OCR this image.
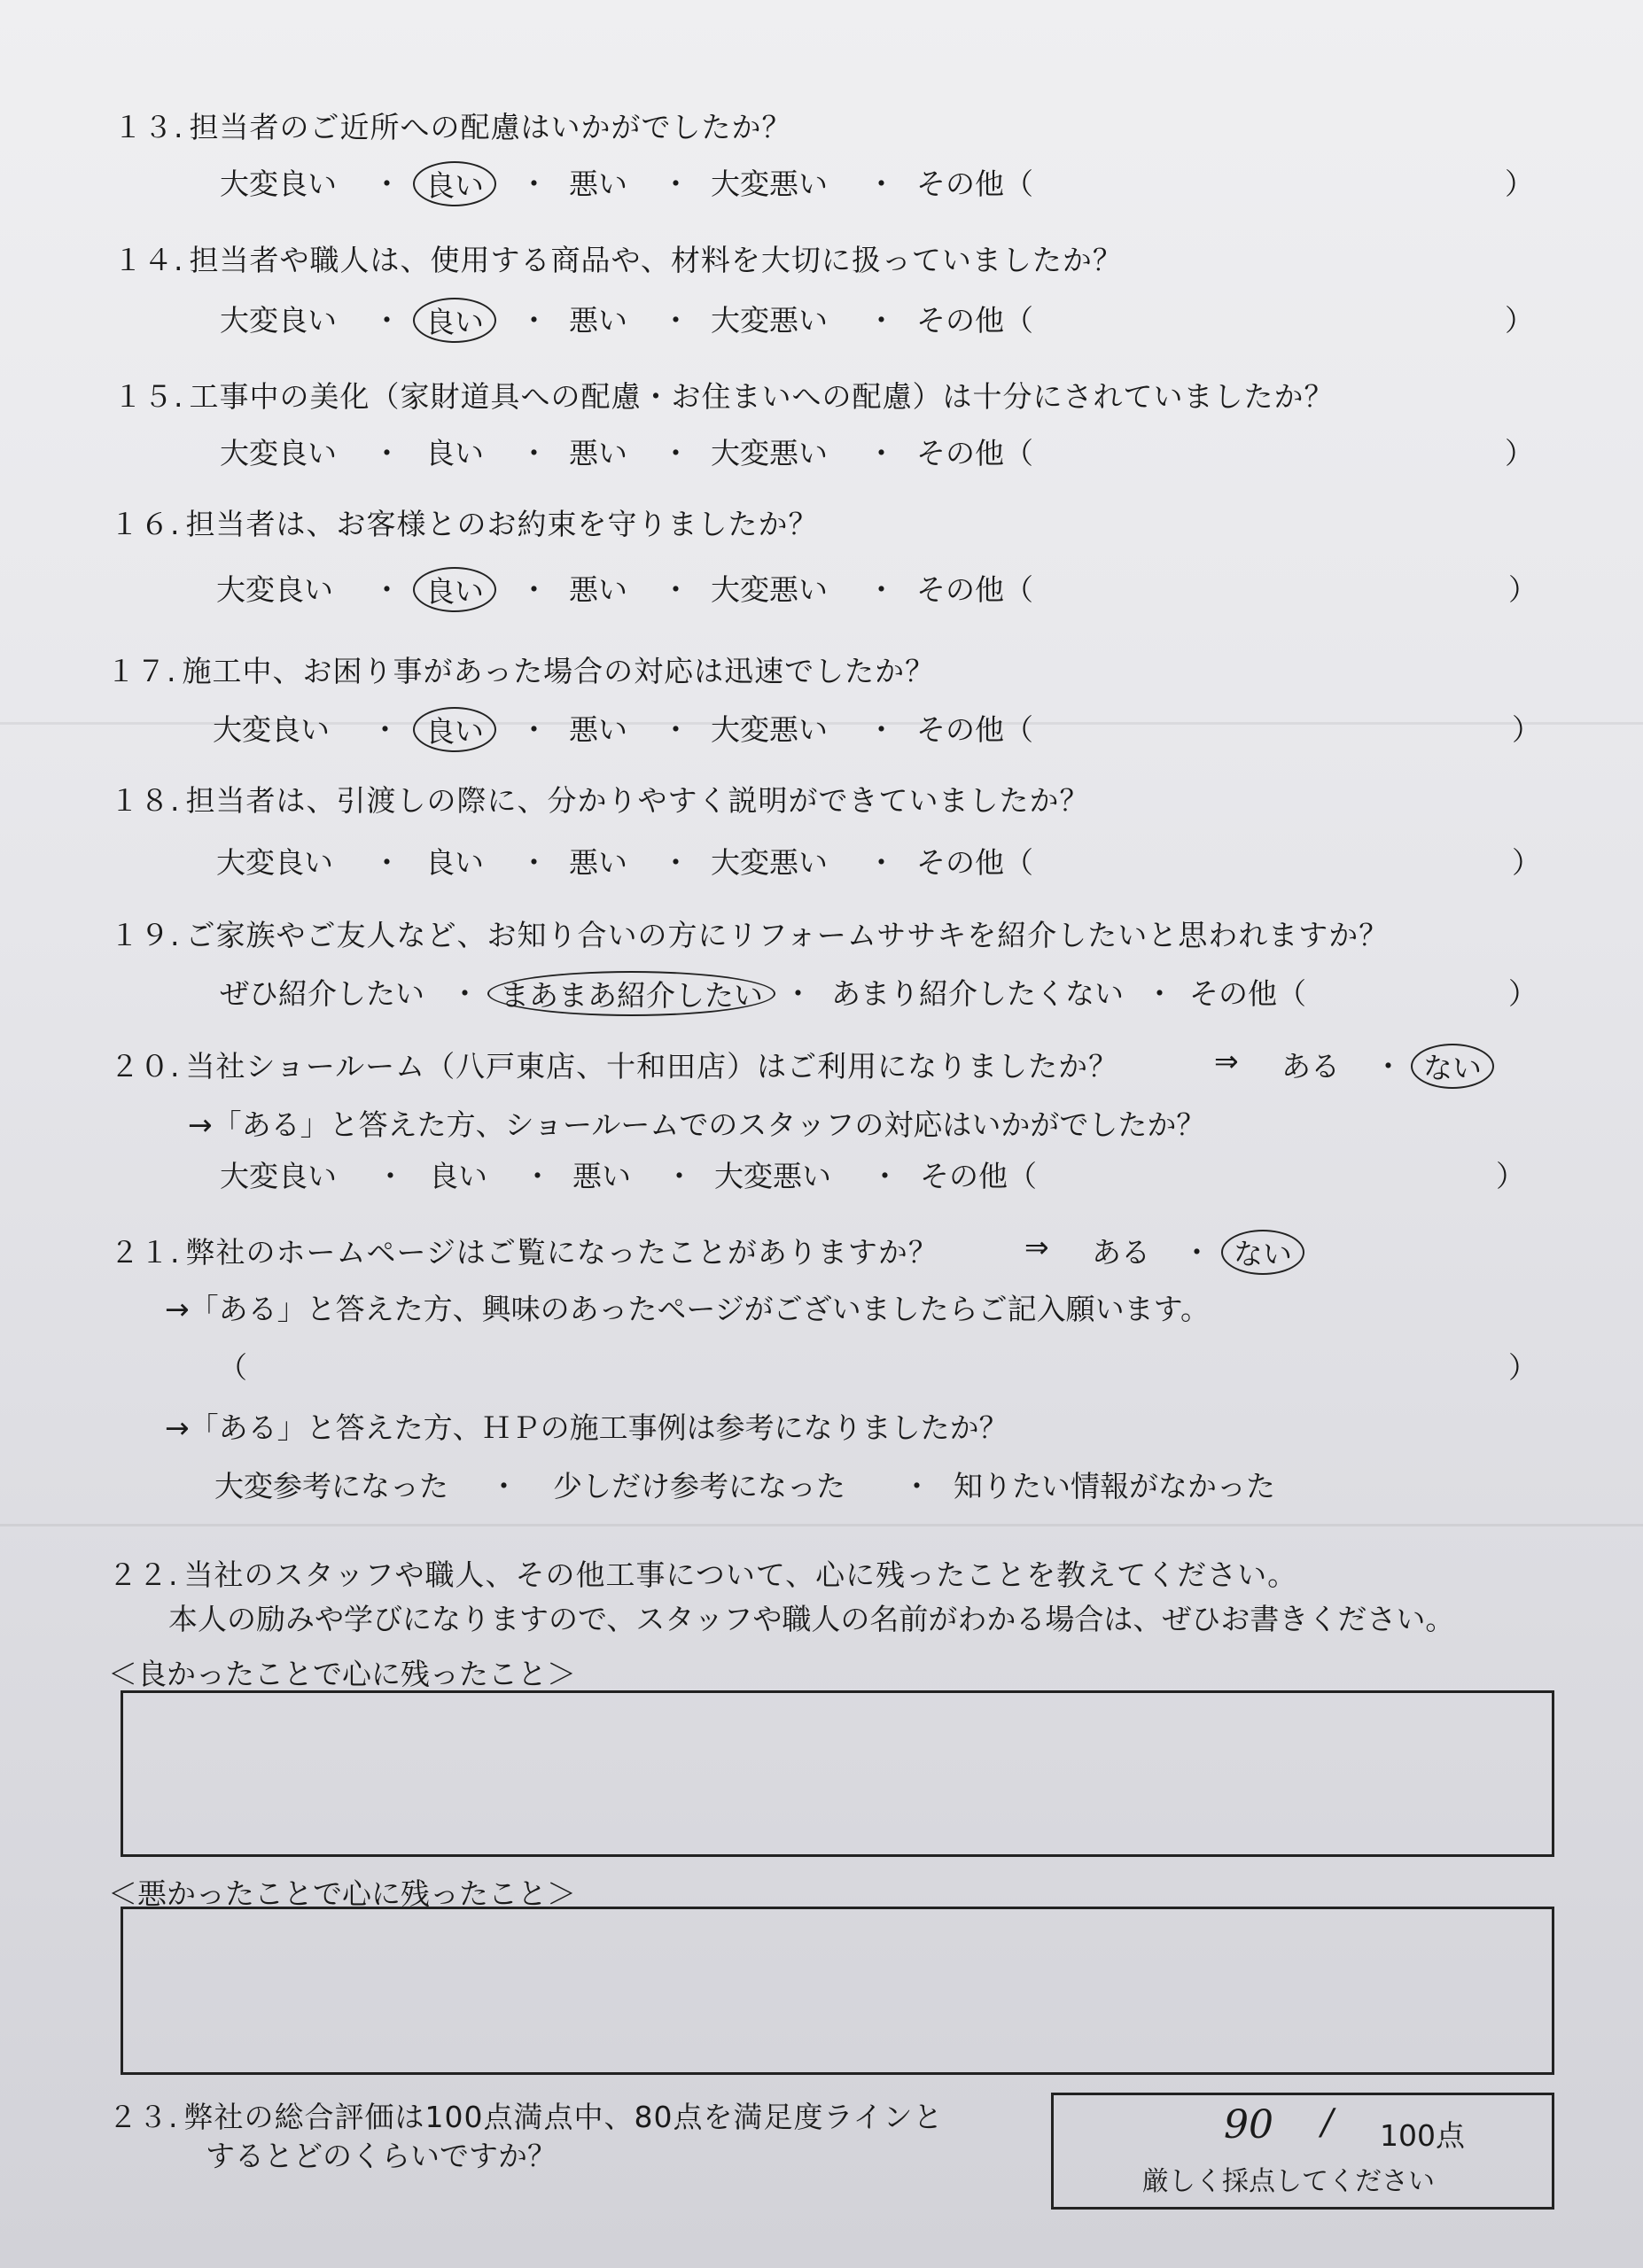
１３. 担当者のご近所への配慮はいかがでしたか？
大変良い ・ 良い	・ 悪い ・ 大変悪い ・ その他（	）
１４. 担当者や職人は、使用する商品や、材料を大切に扱っていましたか？
大変良い ・ 良い	・ 悪い ・ 大変悪い ・ その他（	）
１５. 工事中の美化（家財道具への配慮・お住まいへの配慮）は十分にされていましたか？
大変良い ・ 良い ・ 悪い ・ 大変悪い ・ その他（	）
１６. 担当者は、お客様とのお約束を守りましたか？
大変良い ・ 良い	・ 悪い ・ 大変悪い ・ その他（	）
１７. 施工中、お困り事があった場合の対応は迅速でしたか？
大変良い ・ 良い	・ 悪い ・ 大変悪い ・ その他（	）
１８. 担当者は、引渡しの際に、分かりやすく説明ができていましたか？
大変良い ・ 良い ・ 悪い ・ 大変悪い ・ その他（	）
１９. ご家族やご友人など、お知り合いの方にリフォームササキを紹介したいと思われますか？
ぜひ紹介したい ・ まあまあ紹介したい ・ あまり紹介したくない ・ その他（	）
２０. 当社ショールーム（八戸東店、十和田店）はご利用になりましたか？	⇒ ある ・ ない
→「ある」と答えた方、ショールームでのスタッフの対応はいかがでしたか？
大変良い ・ 良い ・ 悪い ・ 大変悪い ・ その他（	）
２１. 弊社のホームページはご覧になったことがありますか？	⇒ ある ・ ない
→「ある」と答えた方、興味のあったページがございましたらご記入願います。
（	）
→「ある」と答えた方、ＨＰの施工事例は参考になりましたか？
大変参考になった ・ 少しだけ参考になった ・ 知りたい情報がなかった
２２. 当社のスタッフや職人、その他工事について、心に残ったことを教えてください。
本人の励みや学びになりますので、スタッフや職人の名前がわかる場合は、ぜひお書きください。
＜良かったことで心に残ったこと＞
＜悪かったことで心に残ったこと＞
２３. 弊社の総合評価は100点満点中、80点を満足度ラインと
するとどのくらいですか？
90 / 100点
厳しく採点してください
